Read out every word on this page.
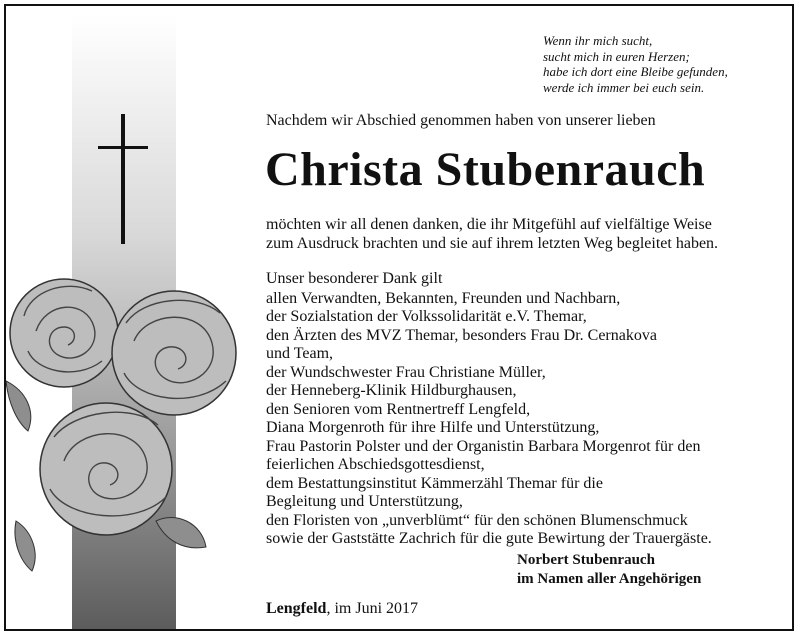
Wenn ihr mich sucht,
sucht mich in euren Herzen;
habe ich dort eine Bleibe gefunden,
werde ich immer bei euch sein.
Nachdem wir Abschied genommen haben von unserer lieben
Christa Stubenrauch
möchten wir all denen danken, die ihr Mitgefühl auf vielfältige Weise
zum Ausdruck brachten und sie auf ihrem letzten Weg begleitet haben.
Unser besonderer Dank gilt
allen Verwandten, Bekannten, Freunden und Nachbarn,
der Sozialstation der Volkssolidarität e.V. Themar,
den Ärzten des MVZ Themar, besonders Frau Dr. Cernakova
und Team,
der Wundschwester Frau Christiane Müller,
der Henneberg-Klinik Hildburghausen,
den Senioren vom Rentnertreff Lengfeld,
Diana Morgenroth für ihre Hilfe und Unterstützung,
Frau Pastorin Polster und der Organistin Barbara Morgenrot für den
feierlichen Abschiedsgottesdienst,
dem Bestattungsinstitut Kämmerzähl Themar für die
Begleitung und Unterstützung,
den Floristen von „unverblümt“ für den schönen Blumenschmuck
sowie der Gaststätte Zachrich für die gute Bewirtung der Trauergäste.
Norbert Stubenrauch
im Namen aller Angehörigen
Lengfeld, im Juni 2017
